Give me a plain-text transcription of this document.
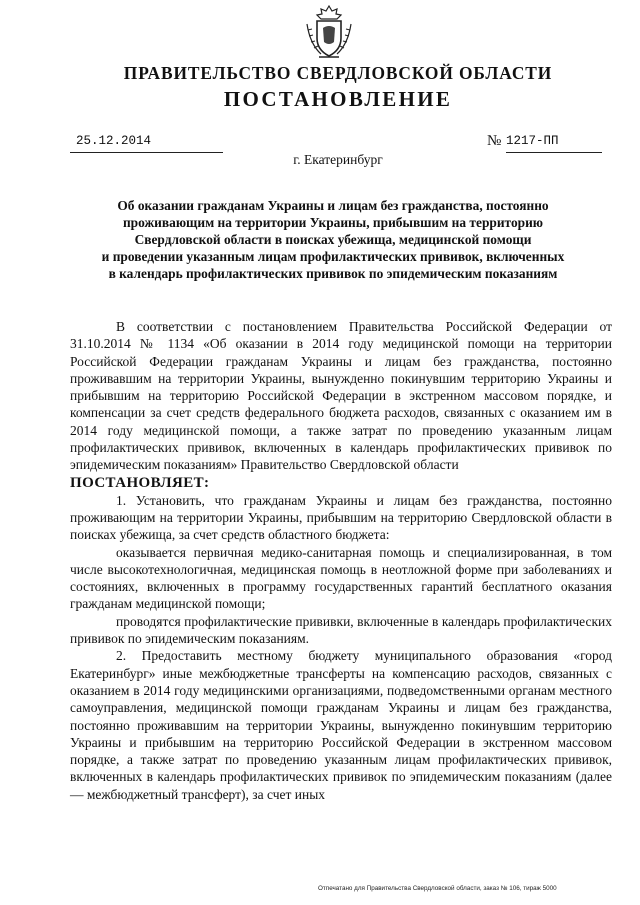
ПРАВИТЕЛЬСТВО СВЕРДЛОВСКОЙ ОБЛАСТИ
ПОСТАНОВЛЕНИЕ
25.12.2014	№ 1217-ПП
г. Екатеринбург
Об оказании гражданам Украины и лицам без гражданства, постоянно
проживающим на территории Украины, прибывшим на территорию
Свердловской области в поисках убежища, медицинской помощи
и проведении указанным лицам профилактических прививок, включенных
в календарь профилактических прививок по эпидемическим показаниям

В соответствии с постановлением Правительства Российской Федерации от 31.10.2014 № 1134 «Об оказании в 2014 году медицинской помощи на территории Российской Федерации гражданам Украины и лицам без гражданства, постоянно проживавшим на территории Украины, вынужденно покинувшим территорию Украины и прибывшим на территорию Российской Федерации в экстренном массовом порядке, и компенсации за счет средств федерального бюджета расходов, связанных с оказанием им в 2014 году медицинской помощи, а также затрат по проведению указанным лицам профилактических прививок, включенных в календарь профилактических прививок по эпидемическим показаниям» Правительство Свердловской области

ПОСТАНОВЛЯЕТ:

1. Установить, что гражданам Украины и лицам без гражданства, постоянно проживающим на территории Украины, прибывшим на территорию Свердловской области в поисках убежища, за счет средств областного бюджета:

оказывается первичная медико-санитарная помощь и специализированная, в том числе высокотехнологичная, медицинская помощь в неотложной форме при заболеваниях и состояниях, включенных в программу государственных гарантий бесплатного оказания гражданам медицинской помощи;

проводятся профилактические прививки, включенные в календарь профилактических прививок по эпидемическим показаниям.

2. Предоставить местному бюджету муниципального образования «город Екатеринбург» иные межбюджетные трансферты на компенсацию расходов, связанных с оказанием в 2014 году медицинскими организациями, подведомственными органам местного самоуправления, медицинской помощи гражданам Украины и лицам без гражданства, постоянно проживавшим на территории Украины, вынужденно покинувшим территорию Украины и прибывшим на территорию Российской Федерации в экстренном массовом порядке, а также затрат по проведению указанным лицам профилактических прививок, включенных в календарь профилактических прививок по эпидемическим показаниям (далее — межбюджетный трансферт), за счет иных

Отпечатано для Правительства Свердловской области, заказ № 106, тираж 5000
